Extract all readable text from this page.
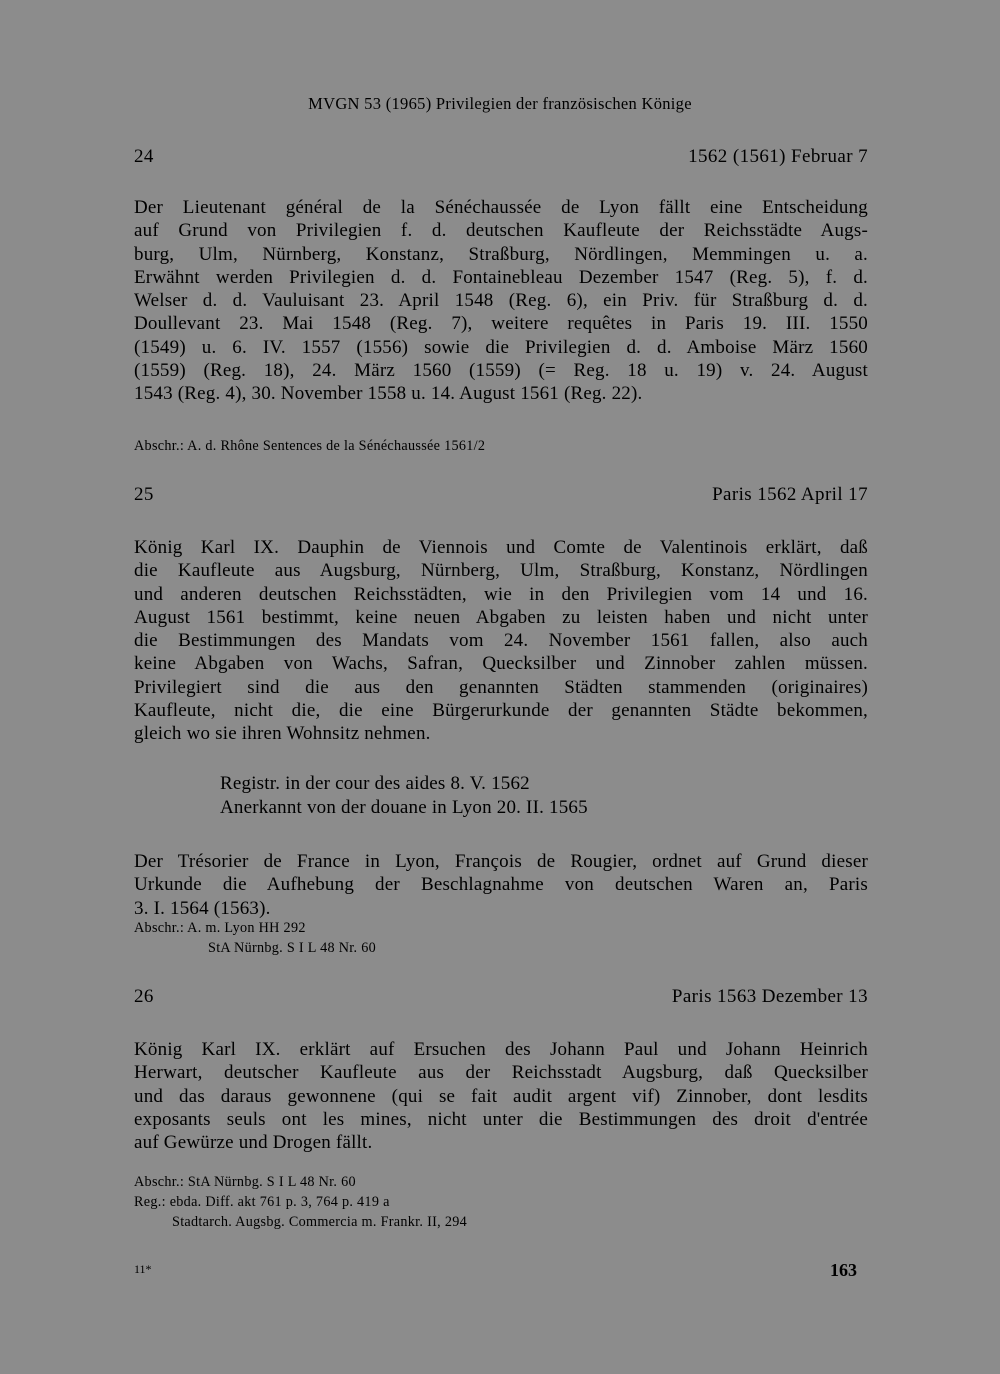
MVGN 53 (1965) Privilegien der französischen Könige
24	1562 (1561) Februar 7
Der Lieutenant général de la Sénéchaussée de Lyon fällt eine Entscheidung
auf Grund von Privilegien f. d. deutschen Kaufleute der Reichsstädte Augs-
burg, Ulm, Nürnberg, Konstanz, Straßburg, Nördlingen, Memmingen u. a.
Erwähnt werden Privilegien d. d. Fontainebleau Dezember 1547 (Reg. 5), f. d.
Welser d. d. Vauluisant 23. April 1548 (Reg. 6), ein Priv. für Straßburg d. d.
Doullevant 23. Mai 1548 (Reg. 7), weitere requêtes in Paris 19. III. 1550
(1549) u. 6. IV. 1557 (1556) sowie die Privilegien d. d. Amboise März 1560
(1559) (Reg. 18), 24. März 1560 (1559) (= Reg. 18 u. 19) v. 24. August
1543 (Reg. 4), 30. November 1558 u. 14. August 1561 (Reg. 22).
Abschr.: A. d. Rhône Sentences de la Sénéchaussée 1561/2
25	Paris 1562 April 17
König Karl IX. Dauphin de Viennois und Comte de Valentinois erklärt, daß
die Kaufleute aus Augsburg, Nürnberg, Ulm, Straßburg, Konstanz, Nördlingen
und anderen deutschen Reichsstädten, wie in den Privilegien vom 14 und 16.
August 1561 bestimmt, keine neuen Abgaben zu leisten haben und nicht unter
die Bestimmungen des Mandats vom 24. November 1561 fallen, also auch
keine Abgaben von Wachs, Safran, Quecksilber und Zinnober zahlen müssen.
Privilegiert sind die aus den genannten Städten stammenden (originaires)
Kaufleute, nicht die, die eine Bürgerurkunde der genannten Städte bekommen,
gleich wo sie ihren Wohnsitz nehmen.
Registr. in der cour des aides 8. V. 1562
Anerkannt von der douane in Lyon 20. II. 1565
Der Trésorier de France in Lyon, François de Rougier, ordnet auf Grund dieser
Urkunde die Aufhebung der Beschlagnahme von deutschen Waren an, Paris
3. I. 1564 (1563).
Abschr.: A. m. Lyon HH 292
StA Nürnbg. S I L 48 Nr. 60
26	Paris 1563 Dezember 13
König Karl IX. erklärt auf Ersuchen des Johann Paul und Johann Heinrich
Herwart, deutscher Kaufleute aus der Reichsstadt Augsburg, daß Quecksilber
und das daraus gewonnene (qui se fait audit argent vif) Zinnober, dont lesdits
exposants seuls ont les mines, nicht unter die Bestimmungen des droit d'entrée
auf Gewürze und Drogen fällt.
Abschr.: StA Nürnbg. S I L 48 Nr. 60
Reg.: ebda. Diff. akt 761 p. 3, 764 p. 419 a
Stadtarch. Augsbg. Commercia m. Frankr. II, 294
11*	163
